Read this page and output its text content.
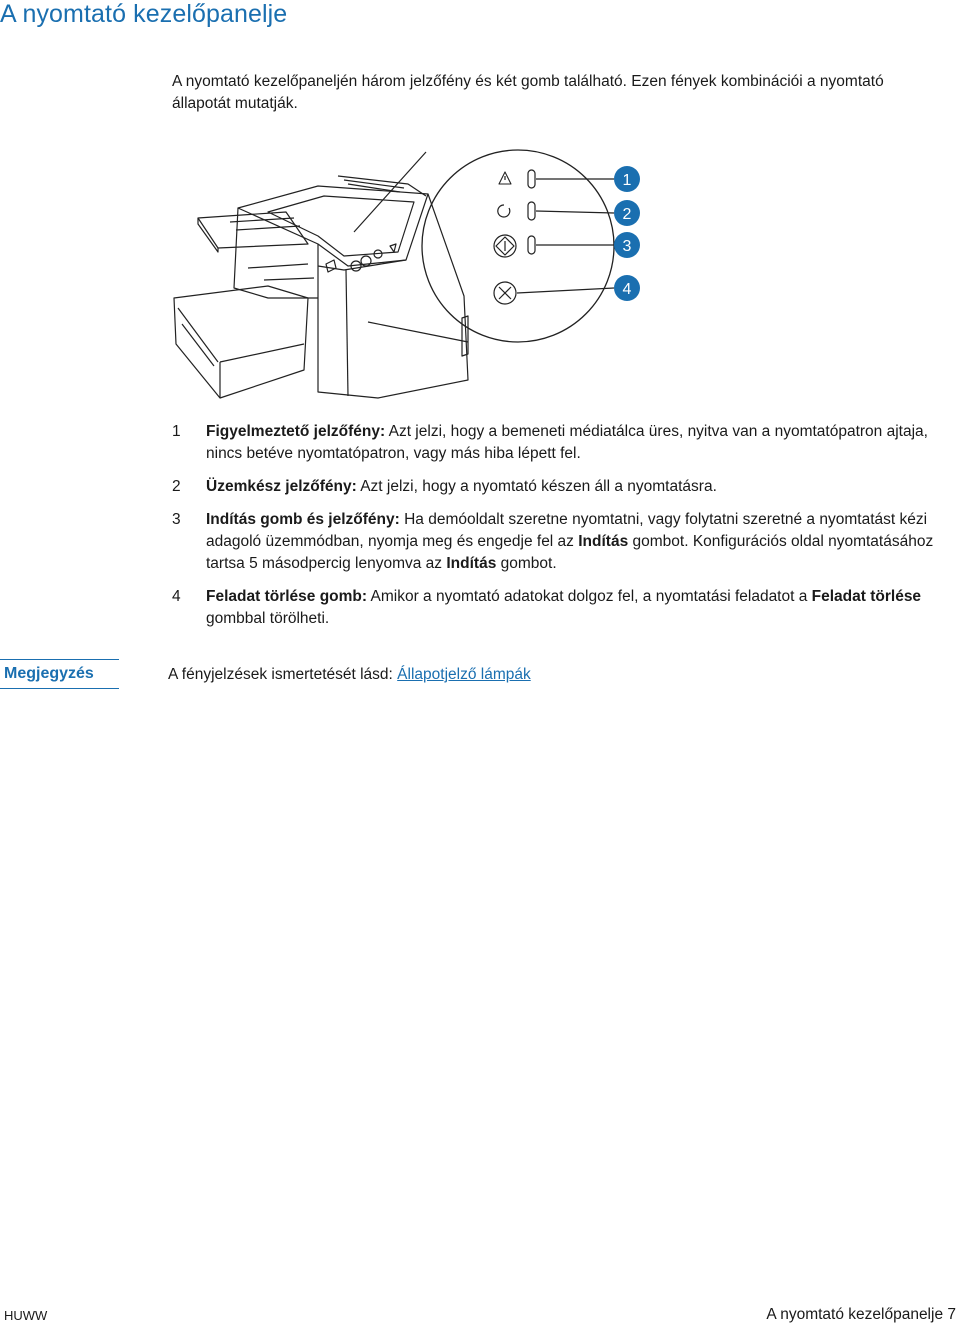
A nyomtató kezelőpanelje

A nyomtató kezelőpaneljén három jelzőfény és két gomb található. Ezen fények kombinációi a nyomtató állapotát mutatják.

1
2
3
4
1 Figyelmeztető jelzőfény: Azt jelzi, hogy a bemeneti médiatálca üres, nyitva van a nyomtatópatron ajtaja, nincs betéve nyomtatópatron, vagy más hiba lépett fel.
2 Üzemkész jelzőfény: Azt jelzi, hogy a nyomtató készen áll a nyomtatásra.
3 Indítás gomb és jelzőfény: Ha demóoldalt szeretne nyomtatni, vagy folytatni szeretné a nyomtatást kézi adagoló üzemmódban, nyomja meg és engedje fel az Indítás gombot. Konfigurációs oldal nyomtatásához tartsa 5 másodpercig lenyomva az Indítás gombot.
4 Feladat törlése gomb: Amikor a nyomtató adatokat dolgoz fel, a nyomtatási feladatot a Feladat törlése gombbal törölheti.
Megjegyzés	A fényjelzések ismertetését lásd: Állapotjelző lámpák
HUWW	A nyomtató kezelőpanelje 7
